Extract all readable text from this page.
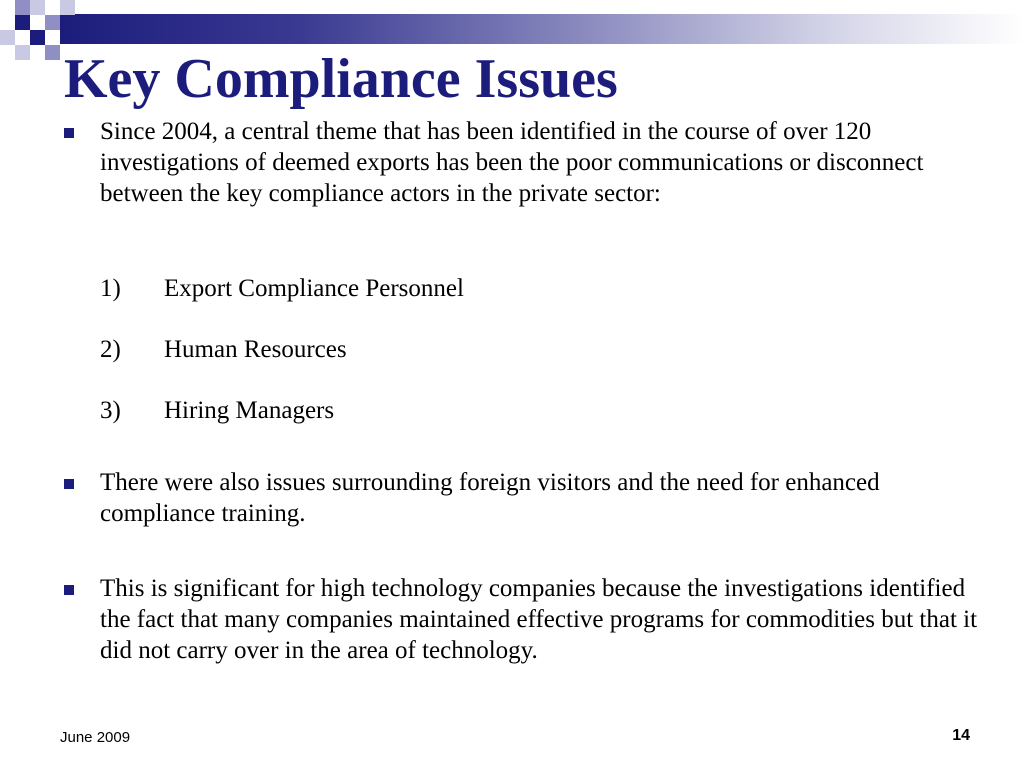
Key Compliance Issues
Since 2004, a central theme that has been identified in the course of over 120 investigations of deemed exports has been the poor communications or disconnect between the key compliance actors in the private sector:
1) Export Compliance Personnel
2) Human Resources
3) Hiring Managers
There were also issues surrounding foreign visitors and the need for enhanced compliance training.
This is significant for high technology companies because the investigations identified the fact that many companies maintained effective programs for commodities but that it did not carry over in the area of technology.
June 2009	14
